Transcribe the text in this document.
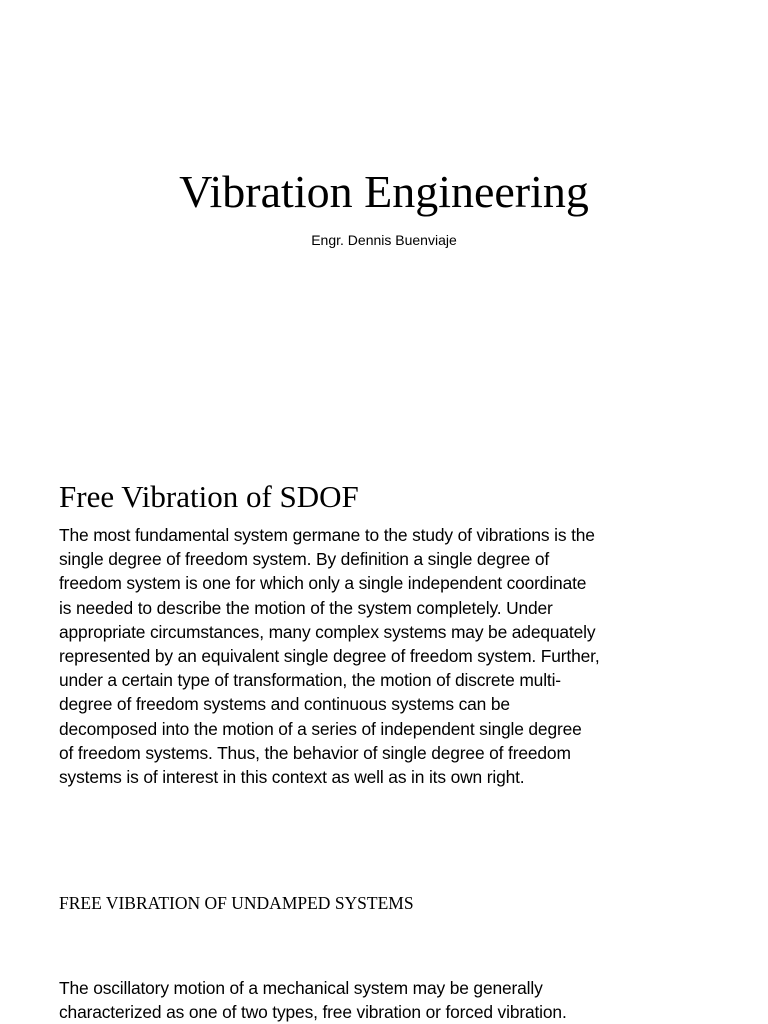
Vibration Engineering
Engr. Dennis Buenviaje
Free Vibration of SDOF

The most fundamental system germane to the study of vibrations is the
single degree of freedom system. By definition a single degree of
freedom system is one for which only a single independent coordinate
is needed to describe the motion of the system completely. Under
appropriate circumstances, many complex systems may be adequately
represented by an equivalent single degree of freedom system. Further,
under a certain type of transformation, the motion of discrete multi-
degree of freedom systems and continuous systems can be
decomposed into the motion of a series of independent single degree
of freedom systems. Thus, the behavior of single degree of freedom
systems is of interest in this context as well as in its own right.

FREE VIBRATION OF UNDAMPED SYSTEMS

The oscillatory motion of a mechanical system may be generally
characterized as one of two types, free vibration or forced vibration.
